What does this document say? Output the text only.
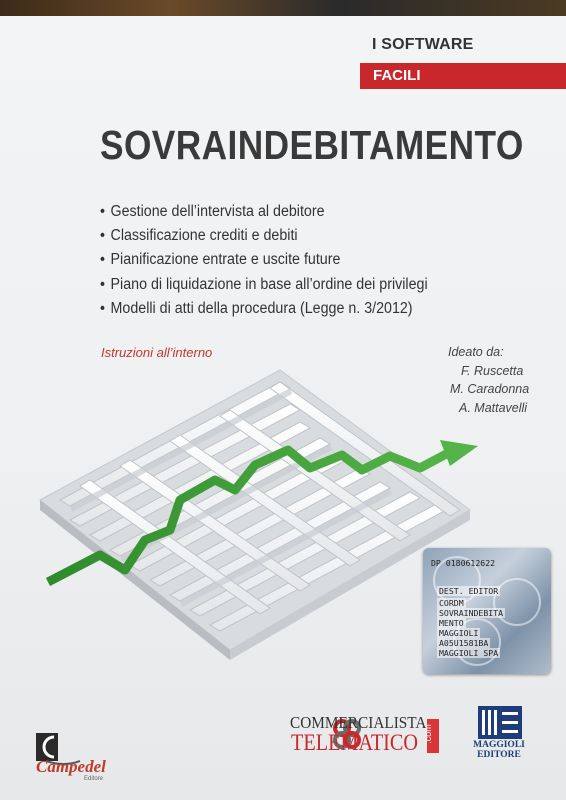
I SOFTWARE
FACILI
SOVRAINDEBITAMENTO
• Gestione dell’intervista al debitore
• Classificazione crediti e debiti
• Pianificazione entrate e uscite future
• Piano di liquidazione in base all’ordine dei privilegi
• Modelli di atti della procedura (Legge n. 3/2012)
Istruzioni all’interno	Ideato da:
F. Ruscetta
M. Caradonna
A. Mattavelli
DP 0180612622
DEST. EDITOR
CORDM
SOVRAINDEBITA
MENTO
MAGGIOLI
A05U1581BA
MAGGIOLI SPA
Campedel
Editore
COMMERCIALISTA
TELEMATICO .com
MAGGIOLI
EDITORE
